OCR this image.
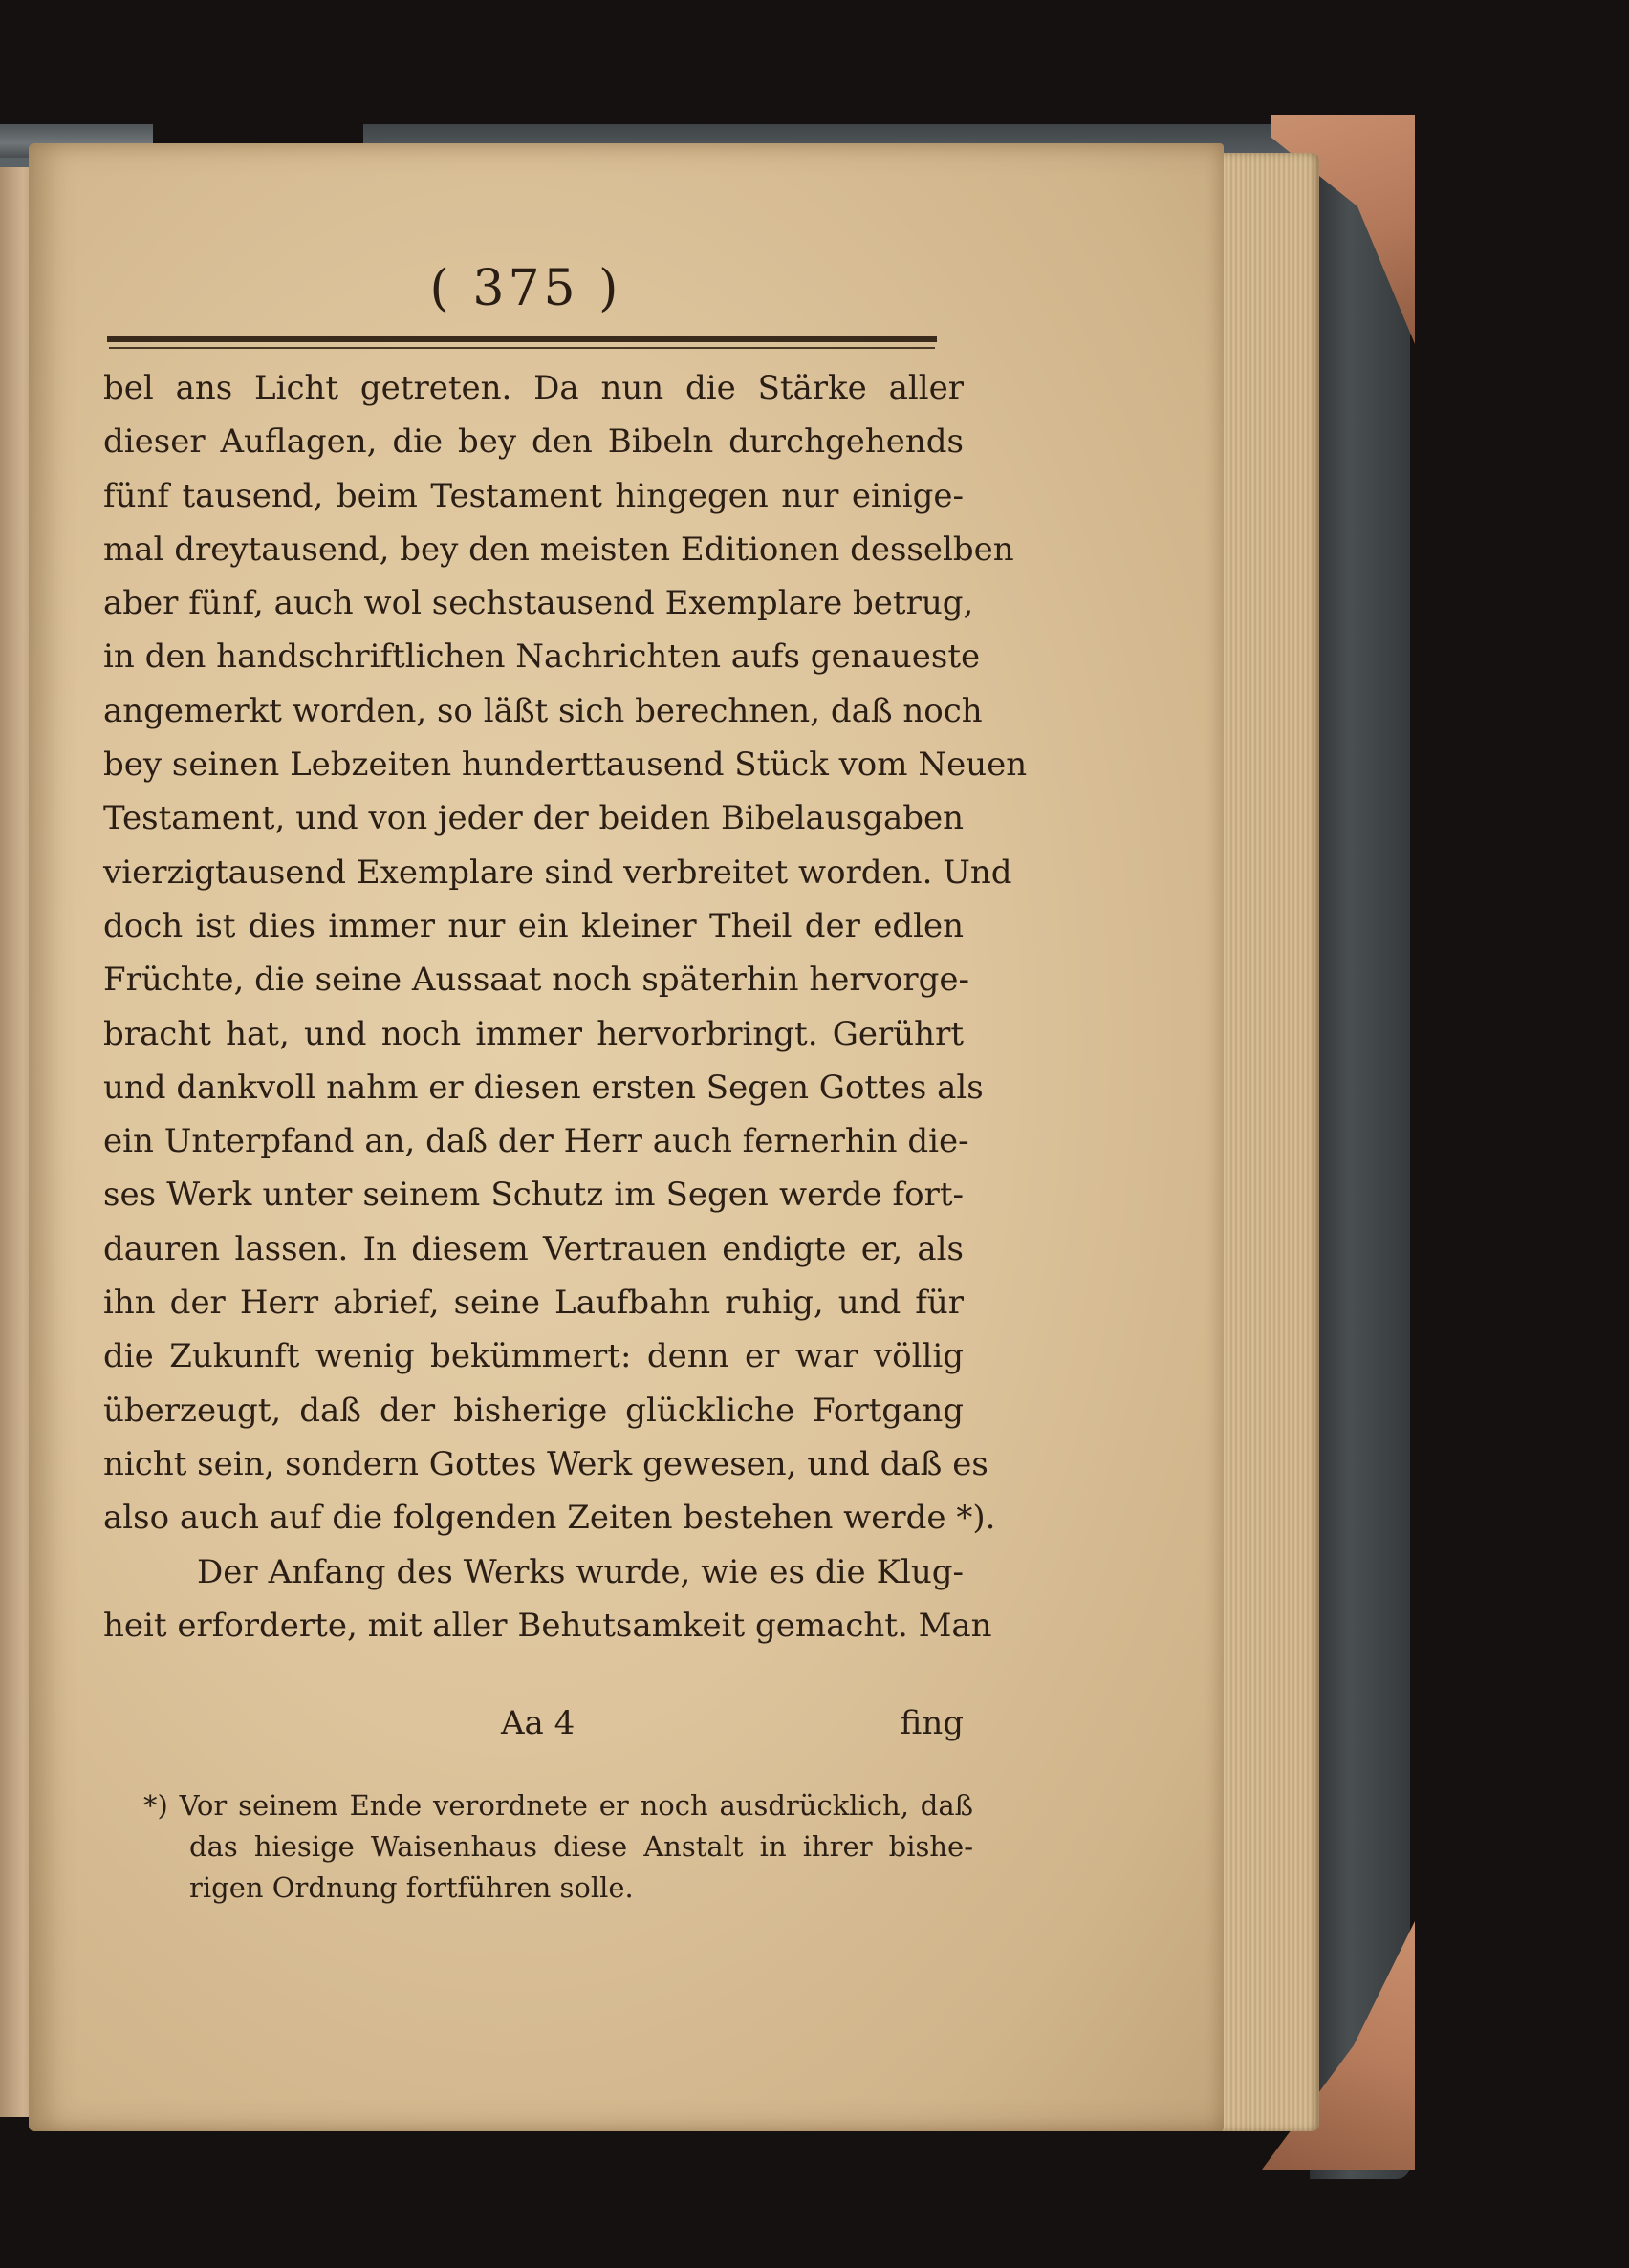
( 375 )
bel ans Licht getreten. Da nun die Stärke aller
dieser Auflagen, die bey den Bibeln durchgehends
fünf tausend, beim Testament hingegen nur einige-
mal dreytausend, bey den meisten Editionen desselben
aber fünf, auch wol sechstausend Exemplare betrug,
in den handschriftlichen Nachrichten aufs genaueste
angemerkt worden, so läßt sich berechnen, daß noch
bey seinen Lebzeiten hunderttausend Stück vom Neuen
Testament, und von jeder der beiden Bibelausgaben
vierzigtausend Exemplare sind verbreitet worden. Und
doch ist dies immer nur ein kleiner Theil der edlen
Früchte, die seine Aussaat noch späterhin hervorge-
bracht hat, und noch immer hervorbringt. Gerührt
und dankvoll nahm er diesen ersten Segen Gottes als
ein Unterpfand an, daß der Herr auch fernerhin die-
ses Werk unter seinem Schutz im Segen werde fort-
dauren lassen. In diesem Vertrauen endigte er, als
ihn der Herr abrief, seine Laufbahn ruhig, und für
die Zukunft wenig bekümmert: denn er war völlig
überzeugt, daß der bisherige glückliche Fortgang
nicht sein, sondern Gottes Werk gewesen, und daß es
also auch auf die folgenden Zeiten bestehen werde *).
Der Anfang des Werks wurde, wie es die Klug-
heit erforderte, mit aller Behutsamkeit gemacht. Man
Aa 4	fing
*) Vor seinem Ende verordnete er noch ausdrücklich, daß
das hiesige Waisenhaus diese Anstalt in ihrer bishe-
rigen Ordnung fortführen solle.
